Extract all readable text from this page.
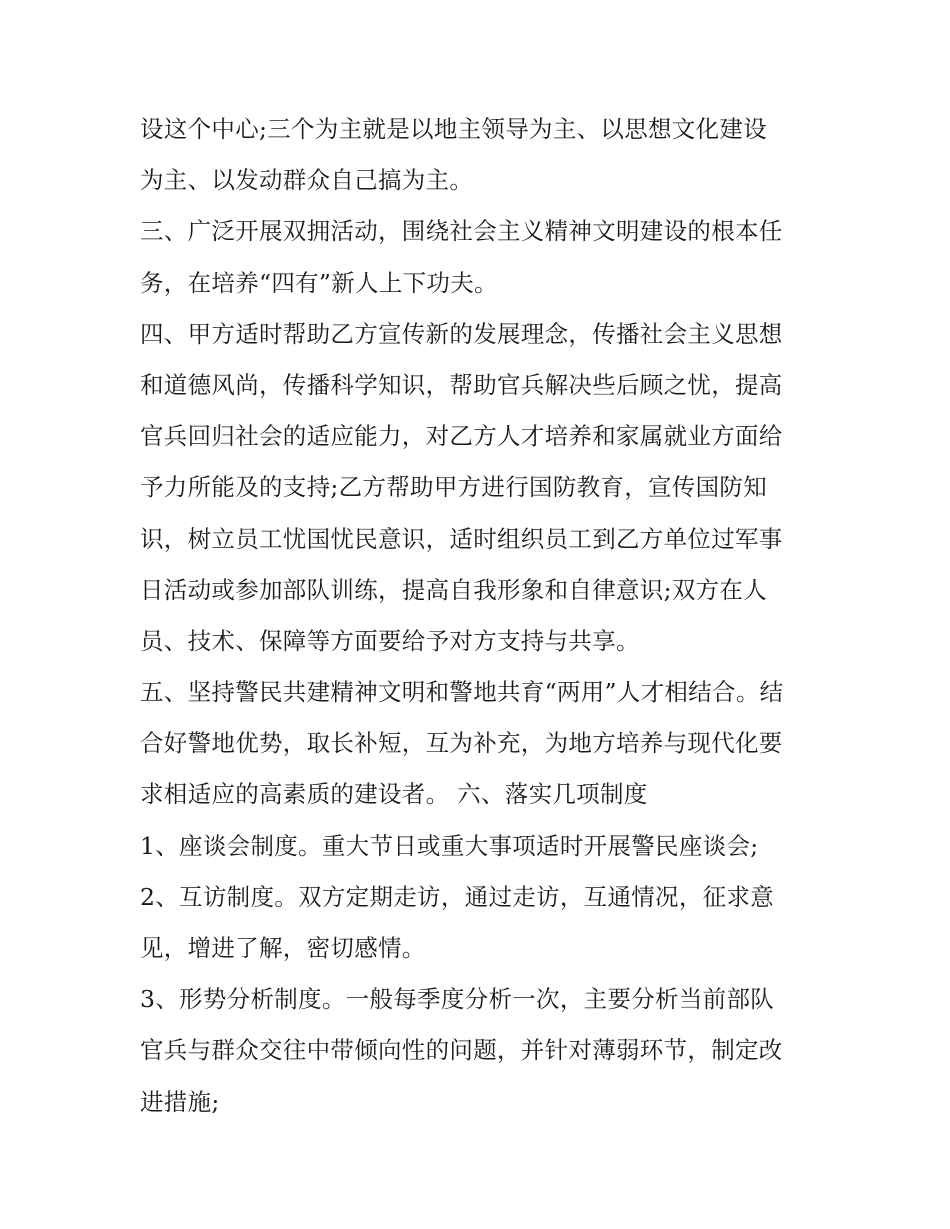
设这个中心;三个为主就是以地主领导为主、以思想文化建设
为主、以发动群众自己搞为主。
三、广泛开展双拥活动，围绕社会主义精神文明建设的根本任
务，在培养“四有”新人上下功夫。
四、甲方适时帮助乙方宣传新的发展理念，传播社会主义思想
和道德风尚，传播科学知识，帮助官兵解决些后顾之忧，提高
官兵回归社会的适应能力，对乙方人才培养和家属就业方面给
予力所能及的支持;乙方帮助甲方进行国防教育，宣传国防知
识，树立员工忧国忧民意识，适时组织员工到乙方单位过军事
日活动或参加部队训练，提高自我形象和自律意识;双方在人
员、技术、保障等方面要给予对方支持与共享。
五、坚持警民共建精神文明和警地共育“两用”人才相结合。结
合好警地优势，取长补短，互为补充，为地方培养与现代化要
求相适应的高素质的建设者。 六、落实几项制度
1、座谈会制度。重大节日或重大事项适时开展警民座谈会;
2、互访制度。双方定期走访，通过走访，互通情况，征求意
见，增进了解，密切感情。
3、形势分析制度。一般每季度分析一次，主要分析当前部队
官兵与群众交往中带倾向性的问题，并针对薄弱环节，制定改
进措施;
